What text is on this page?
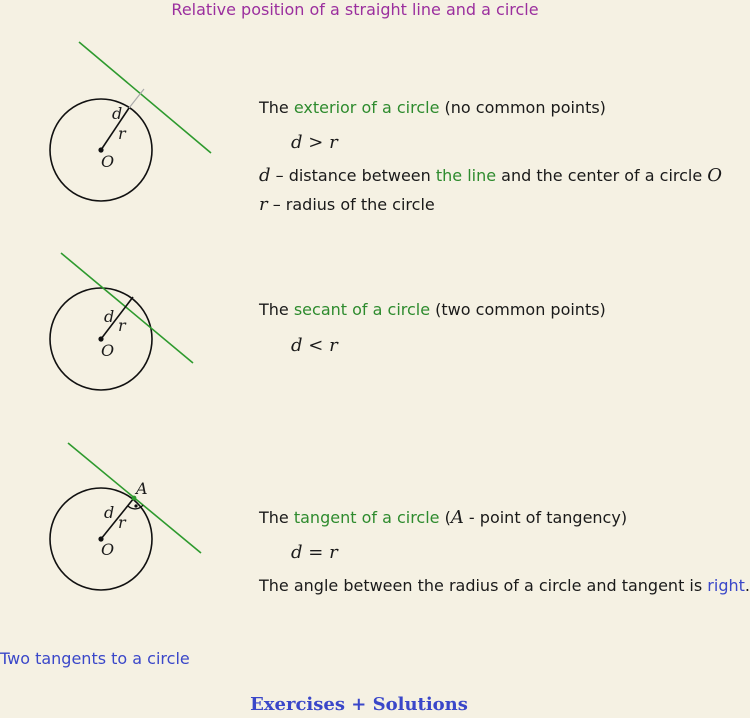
Relative position of a straight line and a circle
d
r
O
d r
O
A
d
r
O
The exterior of a circle (no common points)
d > r
d – distance between the line and the center of a circle O
r – radius of the circle
The secant of a circle (two common points)
d < r
The tangent of a circle (A - point of tangency)
d = r
The angle between the radius of a circle and tangent is right.
Two tangents to a circle
Exercises + Solutions
